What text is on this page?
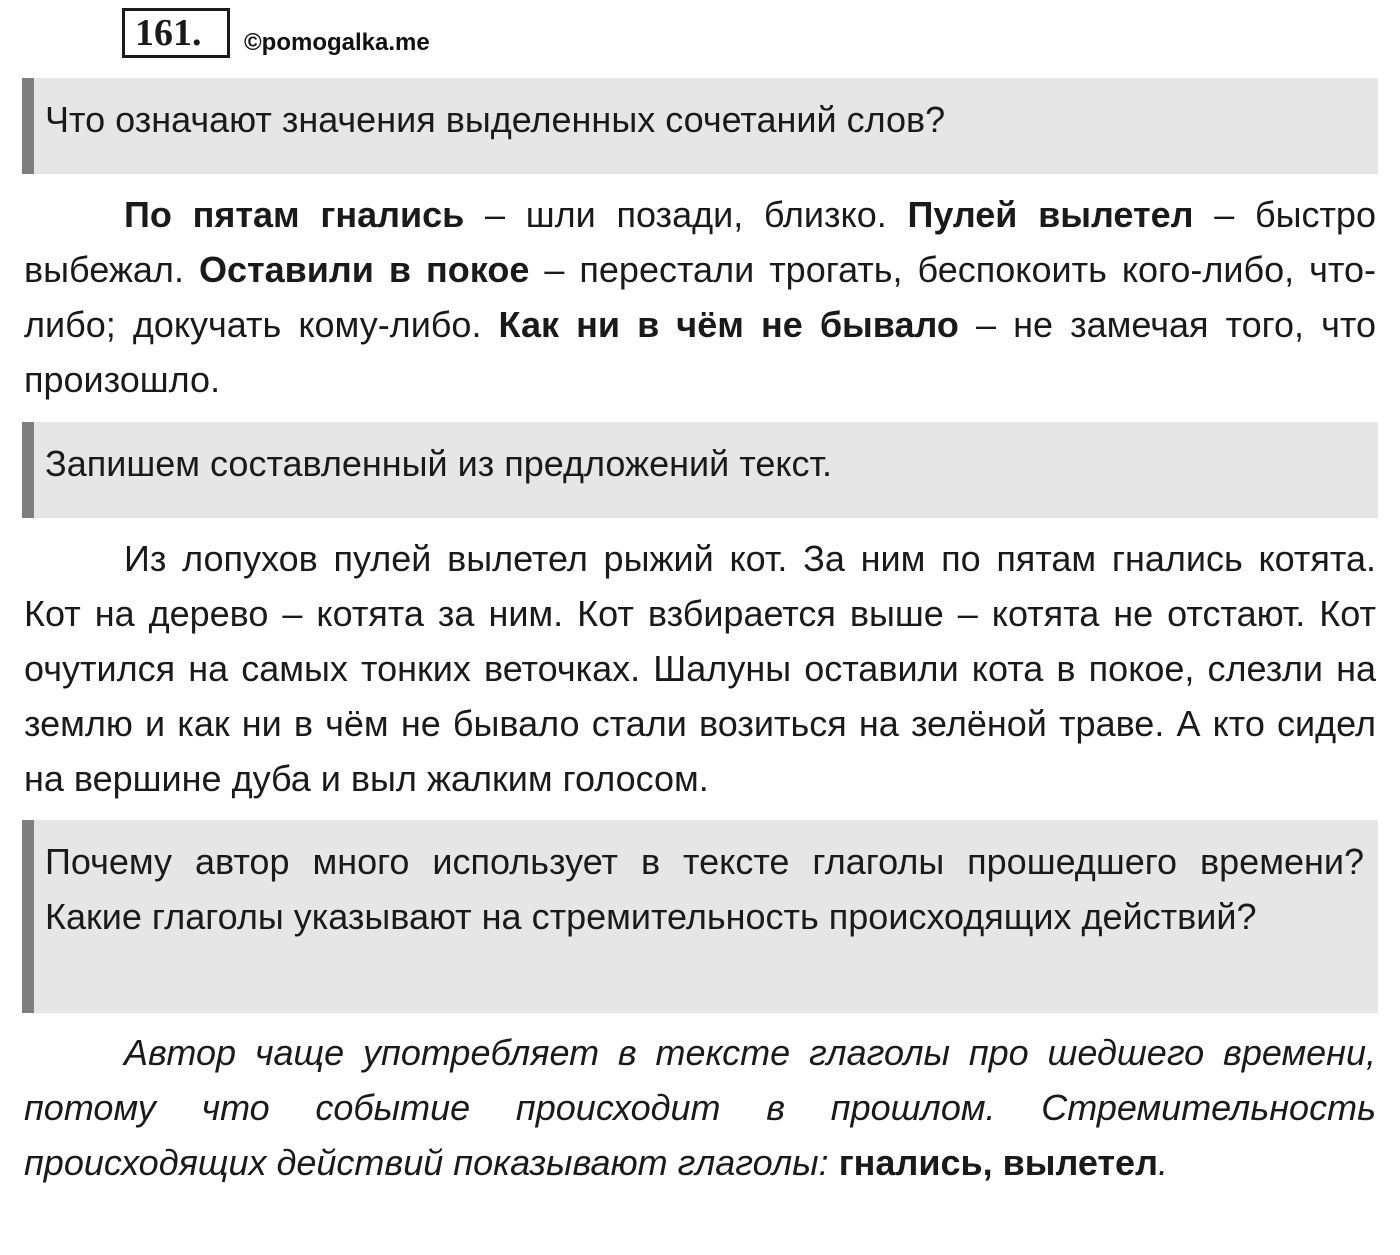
161.	©pomogalka.me
Что означают значения выделенных сочетаний слов?
По пятам гнались – шли позади, близко. Пулей вылетел – быстро выбежал. Оставили в покое – перестали трогать, беспокоить кого-либо, что-либо; докучать кому-либо. Как ни в чём не бывало – не замечая того, что произошло.
Запишем составленный из предложений текст.
Из лопухов пулей вылетел рыжий кот. За ним по пятам гнались котята. Кот на дерево – котята за ним. Кот взбирается выше – котята не отстают. Кот очутился на самых тонких веточках. Шалуны оставили кота в покое, слезли на землю и как ни в чём не бывало стали возиться на зелёной траве. А кто сидел на вершине дуба и выл жалким голосом.
Почему автор много использует в тексте глаголы прошедшего времени? Какие глаголы указывают на стремительность происходящих действий?
Автор чаще употребляет в тексте глаголы про шедшего времени, потому что событие происходит в прошлом. Стремительность происходящих действий показывают глаголы: гналиcь, вылетел.
